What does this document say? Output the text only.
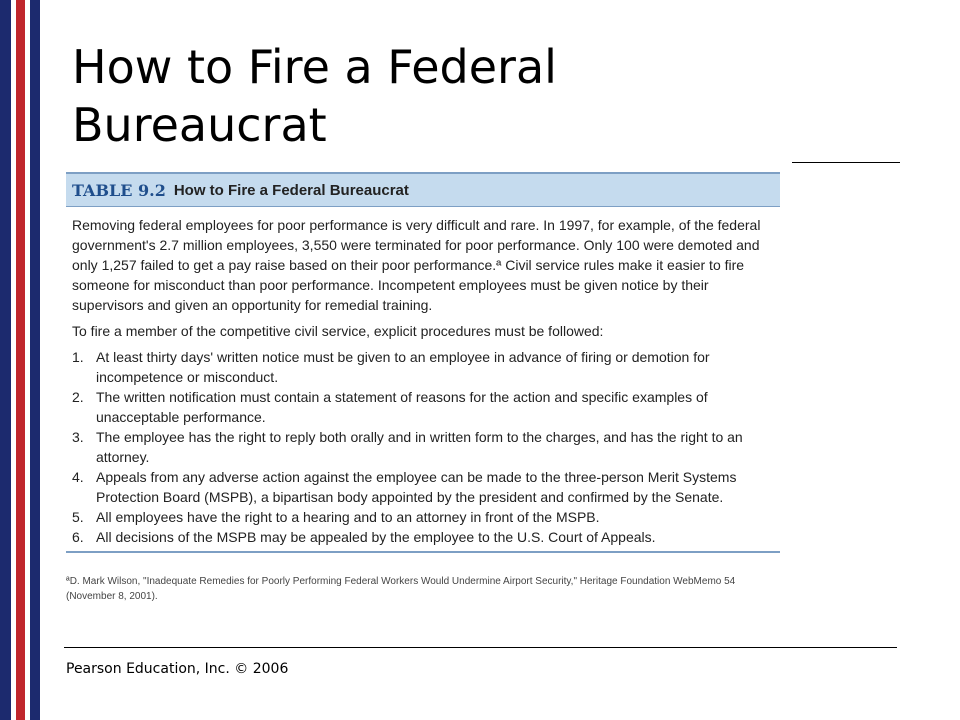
How to Fire a Federal
Bureaucrat
TABLE 9.2 How to Fire a Federal Bureaucrat

Removing federal employees for poor performance is very difficult and rare. In 1997, for example, of the federal government's 2.7 million employees, 3,550 were terminated for poor performance. Only 100 were demoted and only 1,257 failed to get a pay raise based on their poor performance.ª Civil service rules make it easier to fire someone for misconduct than poor performance. Incompetent employees must be given notice by their supervisors and given an opportunity for remedial training.

To fire a member of the competitive civil service, explicit procedures must be followed:

1. At least thirty days' written notice must be given to an employee in advance of firing or demotion for incompetence or misconduct.
2. The written notification must contain a statement of reasons for the action and specific examples of unacceptable performance.
3. The employee has the right to reply both orally and in written form to the charges, and has the right to an attorney.
4. Appeals from any adverse action against the employee can be made to the three-person Merit Systems Protection Board (MSPB), a bipartisan body appointed by the president and confirmed by the Senate.
5. All employees have the right to a hearing and to an attorney in front of the MSPB.
6. All decisions of the MSPB may be appealed by the employee to the U.S. Court of Appeals.
ªD. Mark Wilson, "Inadequate Remedies for Poorly Performing Federal Workers Would Undermine Airport Security," Heritage Foundation WebMemo 54 (November 8, 2001).
Pearson Education, Inc. © 2006
